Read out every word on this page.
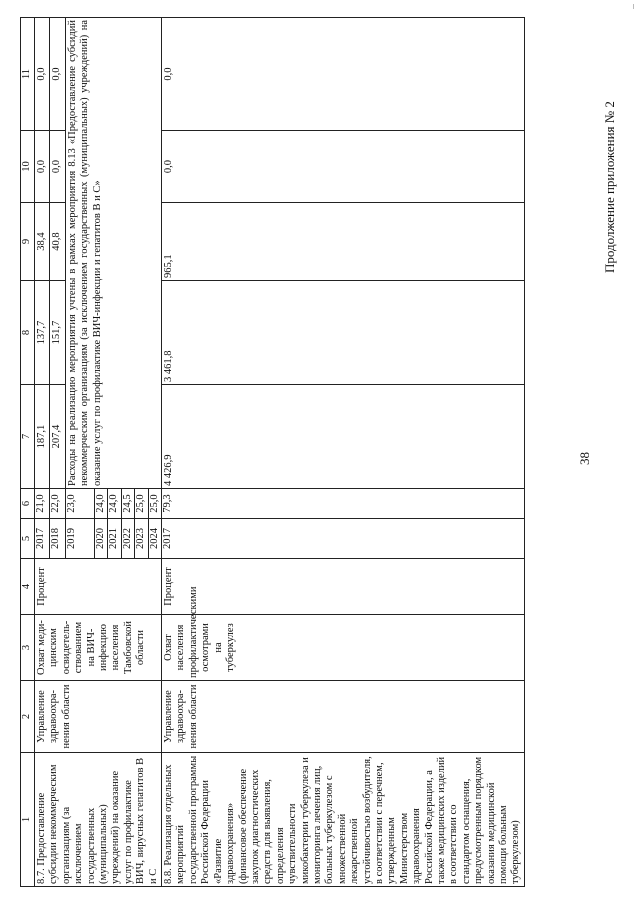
38
Продолжение приложения № 2
1	2	3	4	5	6	7	8	9	10	11
8.7. Предоставление субсидии некоммерческим организациям (за исключением государственных (муниципальных) учреждений) на оказание услуг по профилактике ВИЧ, вирусных гепатитов В и С	Управление здравоохра-нения области	Охват меди-цинским освидетель-ствованием на ВИЧ-инфекцию населения Тамбовской области	Процент	2017	21,0	187,1	137,7	38,4	0,0	0,0
				2018	22,0	207,4	151,7	40,8	0,0	0,0
				2019	23,0	Расходы на реализацию мероприятия учтены в рамках мероприятия 8.13 «Предоставление субсидий некоммерческим организациям (за исключением государственных (муниципальных) учреждений) на оказание услуг по профилактике ВИЧ-инфекции и гепатитов В и С»				
				2020	24,0					
				2021	24,0					
				2022	24,5					
				2023	25,0					
				2024	25,0					
8.8. Реализация отдельных мероприятий государственной программы Российской Федерации «Развитие здравоохранения» (финансовое обеспечение закупок диагностических средств для выявления, определения чувствительности микобактерии туберкулеза и мониторинга лечения лиц, больных туберкулезом с множественной лекарственной устойчивостью возбудителя, в соответствии с перечнем, утвержденным Министерством здравоохранения Российской Федерации, а также медицинских изделий в соответствии со стандартом оснащения, предусмотренным порядком оказания медицинской помощи больным туберкулезом)	Управление здравоохра-нения области	Охват населения профилактическими осмотрами на туберкулез	Процент	2017	79,3	4 426,9	3 461,8	965,1	0,0	0,0
